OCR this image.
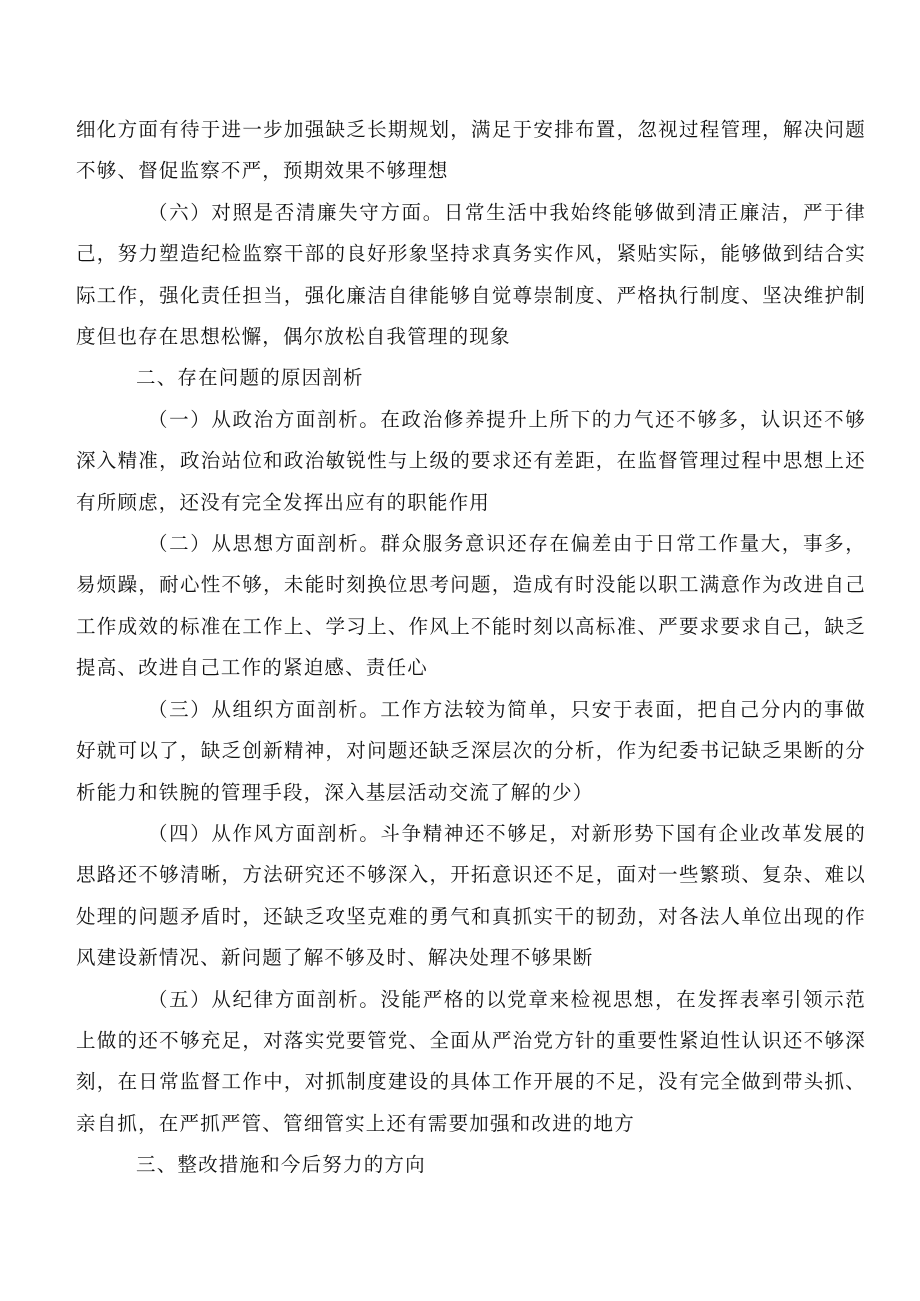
细化方面有待于进一步加强缺乏长期规划，满足于安排布置，忽视过程管理，解决问题不够、督促监察不严，预期效果不够理想

（六）对照是否清廉失守方面。日常生活中我始终能够做到清正廉洁，严于律己，努力塑造纪检监察干部的良好形象坚持求真务实作风，紧贴实际，能够做到结合实际工作，强化责任担当，强化廉洁自律能够自觉尊崇制度、严格执行制度、坚决维护制度但也存在思想松懈，偶尔放松自我管理的现象

二、存在问题的原因剖析

（一）从政治方面剖析。在政治修养提升上所下的力气还不够多，认识还不够深入精准，政治站位和政治敏锐性与上级的要求还有差距，在监督管理过程中思想上还有所顾虑，还没有完全发挥出应有的职能作用

（二）从思想方面剖析。群众服务意识还存在偏差由于日常工作量大，事多，易烦躁，耐心性不够，未能时刻换位思考问题，造成有时没能以职工满意作为改进自己工作成效的标准在工作上、学习上、作风上不能时刻以高标准、严要求要求自己，缺乏提高、改进自己工作的紧迫感、责任心

（三）从组织方面剖析。工作方法较为简单，只安于表面，把自己分内的事做好就可以了，缺乏创新精神，对问题还缺乏深层次的分析，作为纪委书记缺乏果断的分析能力和铁腕的管理手段，深入基层活动交流了解的少）

（四）从作风方面剖析。斗争精神还不够足，对新形势下国有企业改革发展的思路还不够清晰，方法研究还不够深入，开拓意识还不足，面对一些繁琐、复杂、难以处理的问题矛盾时，还缺乏攻坚克难的勇气和真抓实干的韧劲，对各法人单位出现的作风建设新情况、新问题了解不够及时、解决处理不够果断

（五）从纪律方面剖析。没能严格的以党章来检视思想，在发挥表率引领示范上做的还不够充足，对落实党要管党、全面从严治党方针的重要性紧迫性认识还不够深刻，在日常监督工作中，对抓制度建设的具体工作开展的不足，没有完全做到带头抓、亲自抓，在严抓严管、管细管实上还有需要加强和改进的地方

三、整改措施和今后努力的方向
